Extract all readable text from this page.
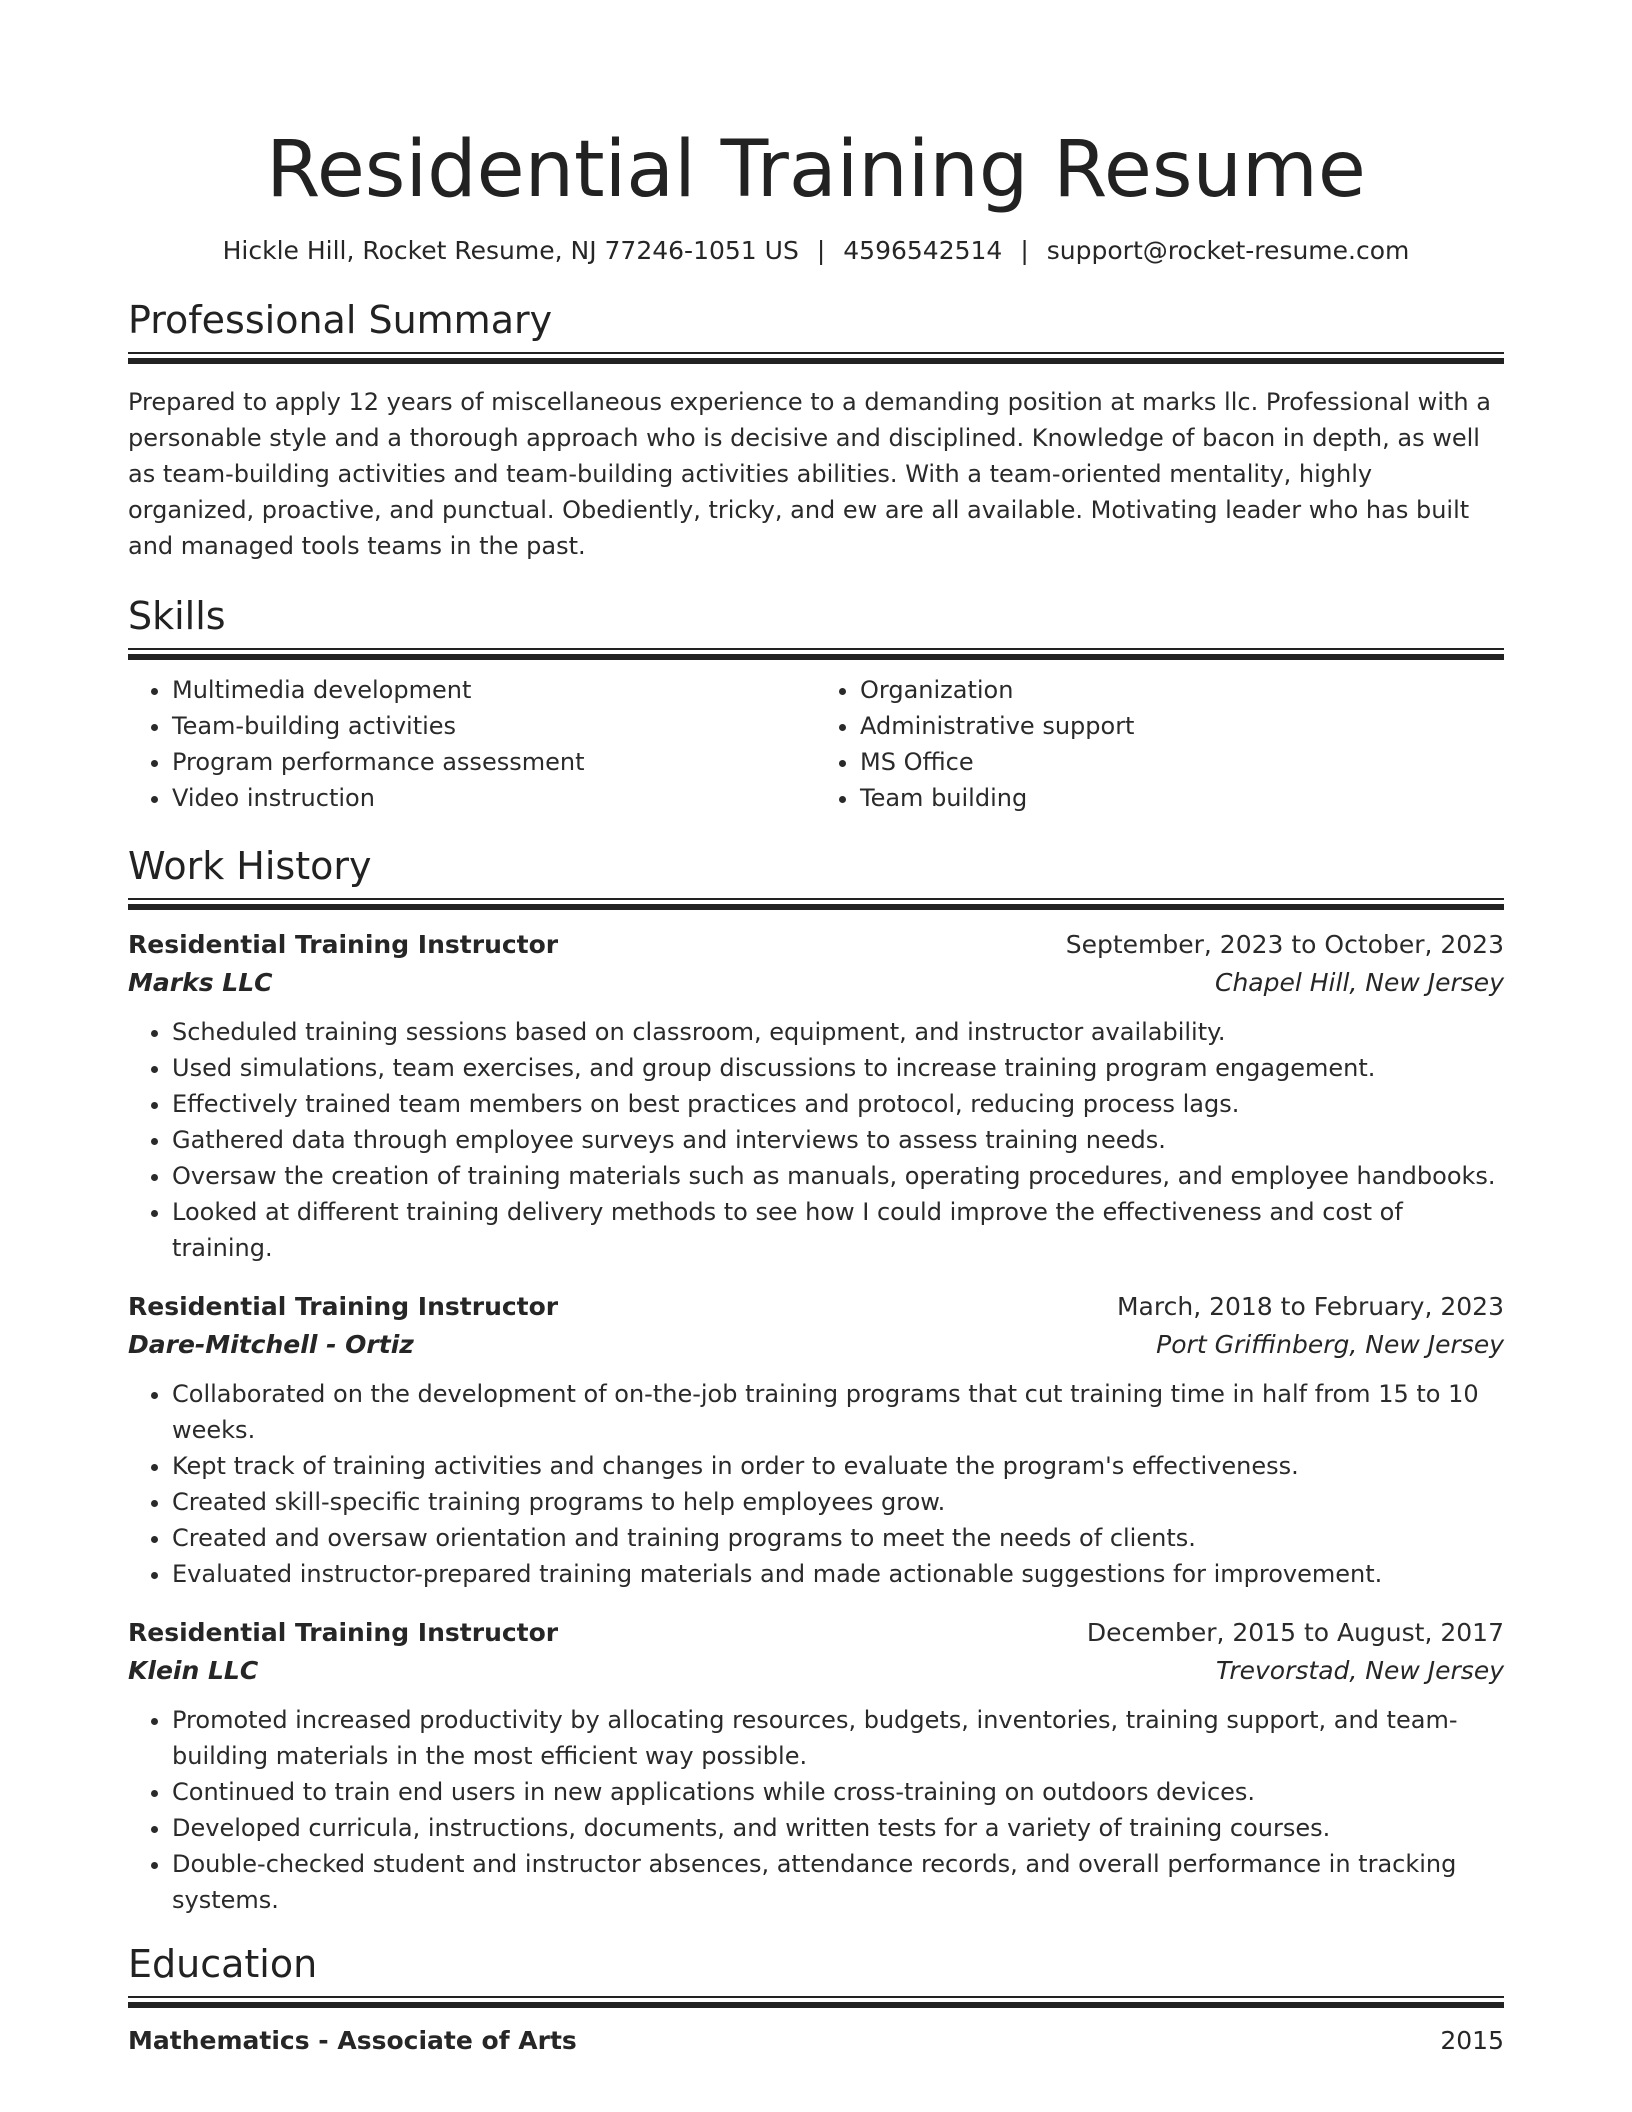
Residential Training Resume
Hickle Hill, Rocket Resume, NJ 77246-1051 US | 4596542514 | support@rocket-resume.com
Professional Summary
Prepared to apply 12 years of miscellaneous experience to a demanding position at marks llc. Professional with a personable style and a thorough approach who is decisive and disciplined. Knowledge of bacon in depth, as well as team-building activities and team-building activities abilities. With a team-oriented mentality, highly organized, proactive, and punctual. Obediently, tricky, and ew are all available. Motivating leader who has built and managed tools teams in the past.
Skills
• Multimedia development
• Team-building activities
• Program performance assessment
• Video instruction
• Organization
• Administrative support
• MS Office
• Team building
Work History
Residential Training Instructor	September, 2023 to October, 2023
Marks LLC	Chapel Hill, New Jersey
• Scheduled training sessions based on classroom, equipment, and instructor availability.
• Used simulations, team exercises, and group discussions to increase training program engagement.
• Effectively trained team members on best practices and protocol, reducing process lags.
• Gathered data through employee surveys and interviews to assess training needs.
• Oversaw the creation of training materials such as manuals, operating procedures, and employee handbooks.
• Looked at different training delivery methods to see how I could improve the effectiveness and cost of training.
Residential Training Instructor	March, 2018 to February, 2023
Dare-Mitchell - Ortiz	Port Griffinberg, New Jersey
• Collaborated on the development of on-the-job training programs that cut training time in half from 15 to 10 weeks.
• Kept track of training activities and changes in order to evaluate the program's effectiveness.
• Created skill-specific training programs to help employees grow.
• Created and oversaw orientation and training programs to meet the needs of clients.
• Evaluated instructor-prepared training materials and made actionable suggestions for improvement.
Residential Training Instructor	December, 2015 to August, 2017
Klein LLC	Trevorstad, New Jersey
• Promoted increased productivity by allocating resources, budgets, inventories, training support, and team-building materials in the most efficient way possible.
• Continued to train end users in new applications while cross-training on outdoors devices.
• Developed curricula, instructions, documents, and written tests for a variety of training courses.
• Double-checked student and instructor absences, attendance records, and overall performance in tracking systems.
Education
Mathematics - Associate of Arts	2015
